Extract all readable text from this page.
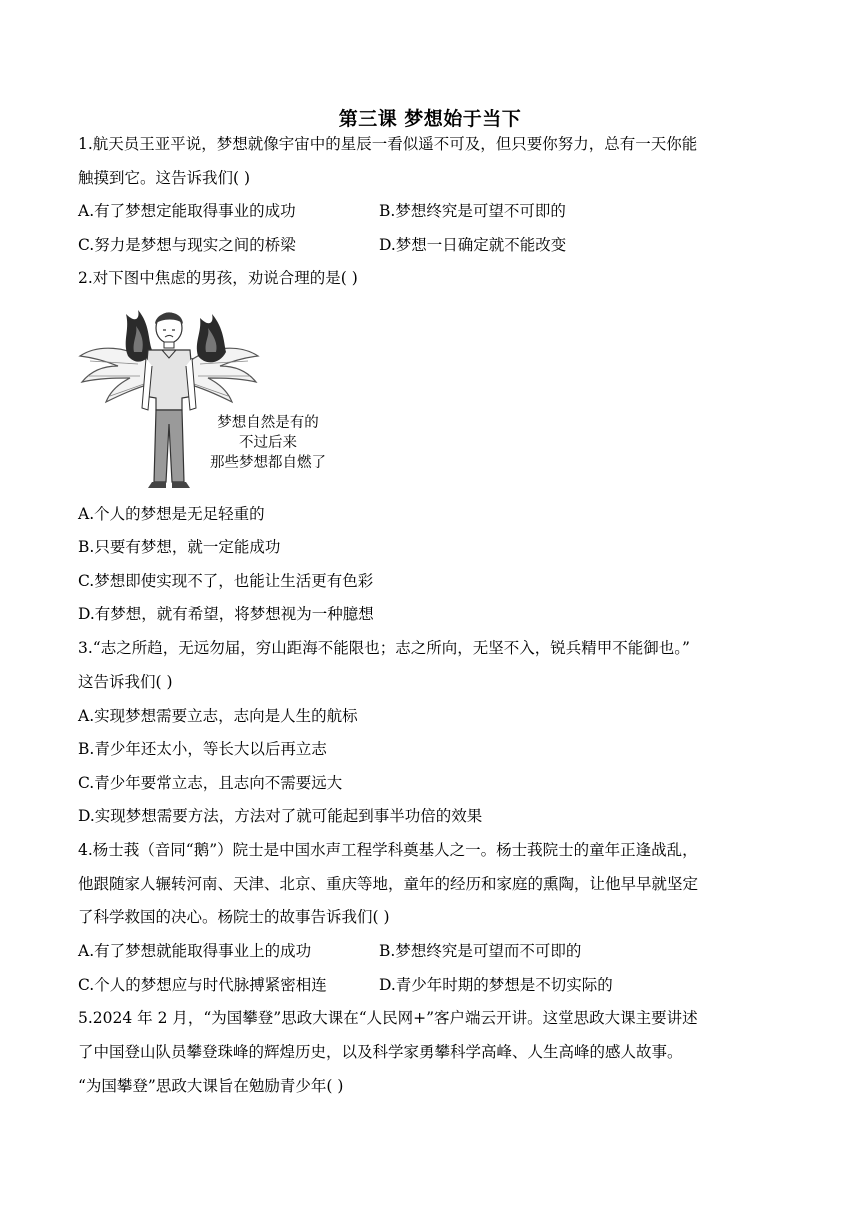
第三课 梦想始于当下
1.航天员王亚平说，梦想就像宇宙中的星辰一看似遥不可及，但只要你努力，总有一天你能
触摸到它。这告诉我们( )
A.有了梦想定能取得事业的成功	B.梦想终究是可望不可即的
C.努力是梦想与现实之间的桥梁	D.梦想一日确定就不能改变
2.对下图中焦虑的男孩，劝说合理的是( )
梦想自然是有的
不过后来
那些梦想都自燃了
A.个人的梦想是无足轻重的
B.只要有梦想，就一定能成功
C.梦想即使实现不了，也能让生活更有色彩
D.有梦想，就有希望，将梦想视为一种臆想
3.“志之所趋，无远勿届，穷山距海不能限也；志之所向，无坚不入，锐兵精甲不能御也。”
这告诉我们( )
A.实现梦想需要立志，志向是人生的航标
B.青少年还太小，等长大以后再立志
C.青少年要常立志，且志向不需要远大
D.实现梦想需要方法，方法对了就可能起到事半功倍的效果
4.杨士莪（音同“鹅”）院士是中国水声工程学科奠基人之一。杨士莪院士的童年正逢战乱，
他跟随家人辗转河南、天津、北京、重庆等地，童年的经历和家庭的熏陶，让他早早就坚定
了科学救国的决心。杨院士的故事告诉我们( )
A.有了梦想就能取得事业上的成功	B.梦想终究是可望而不可即的
C.个人的梦想应与时代脉搏紧密相连	D.青少年时期的梦想是不切实际的
5.2024 年 2 月，“为国攀登”思政大课在“人民网+”客户端云开讲。这堂思政大课主要讲述
了中国登山队员攀登珠峰的辉煌历史，以及科学家勇攀科学高峰、人生高峰的感人故事。
“为国攀登”思政大课旨在勉励青少年( )
